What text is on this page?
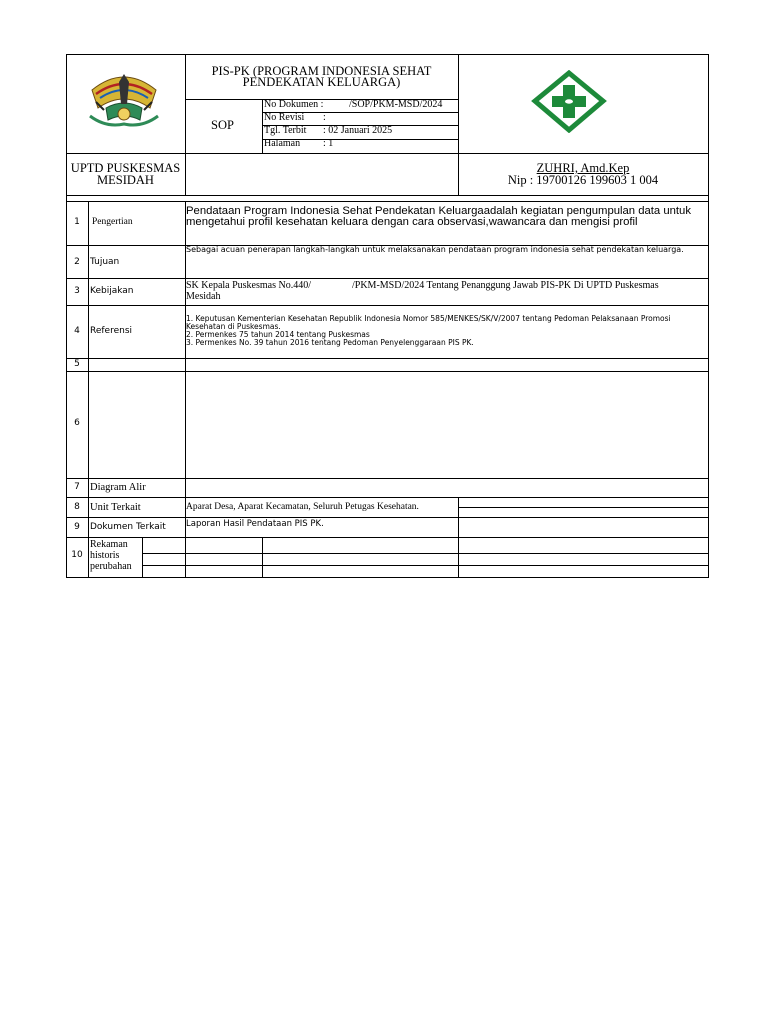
PIS-PK (PROGRAM INDONESIA SEHAT
PENDEKATAN KELUARGA)
SOP
No Dokumen :	/SOP/PKM-MSD/2024
No Revisi :
Tgl. Terbit : 02 Januari 2025
Halaman : 1
UPTD PUSKESMAS
MESIDAH
ZUHRI, Amd.Kep
Nip : 19700126 199603 1 004
1
2
3
4
5
6
7
8
9
10
Pengertian
Tujuan
Kebijakan
Referensi
Diagram Alir
Unit Terkait
Dokumen Terkait
Rekaman
historis
perubahan
Pendataan Program Indonesia Sehat Pendekatan Keluargaadalah kegiatan pengumpulan data untuk mengetahui profil kesehatan keluara dengan cara observasi,wawancara dan mengisi profil
Sebagai acuan penerapan langkah-langkah untuk melaksanakan pendataan program indonesia sehat pendekatan keluarga.
SK Kepala Puskesmas No.440/	/PKM-MSD/2024 Tentang Penanggung Jawab PIS-PK Di UPTD Puskesmas
Mesidah
1. Keputusan Kementerian Kesehatan Republik Indonesia Nomor 585/MENKES/SK/V/2007 tentang Pedoman Pelaksanaan Promosi Kesehatan di Puskesmas.
2. Permenkes 75 tahun 2014 tentang Puskesmas
3. Permenkes No. 39 tahun 2016 tentang Pedoman Penyelenggaraan PIS PK.
Aparat Desa, Aparat Kecamatan, Seluruh Petugas Kesehatan.
Laporan Hasil Pendataan PIS PK.
